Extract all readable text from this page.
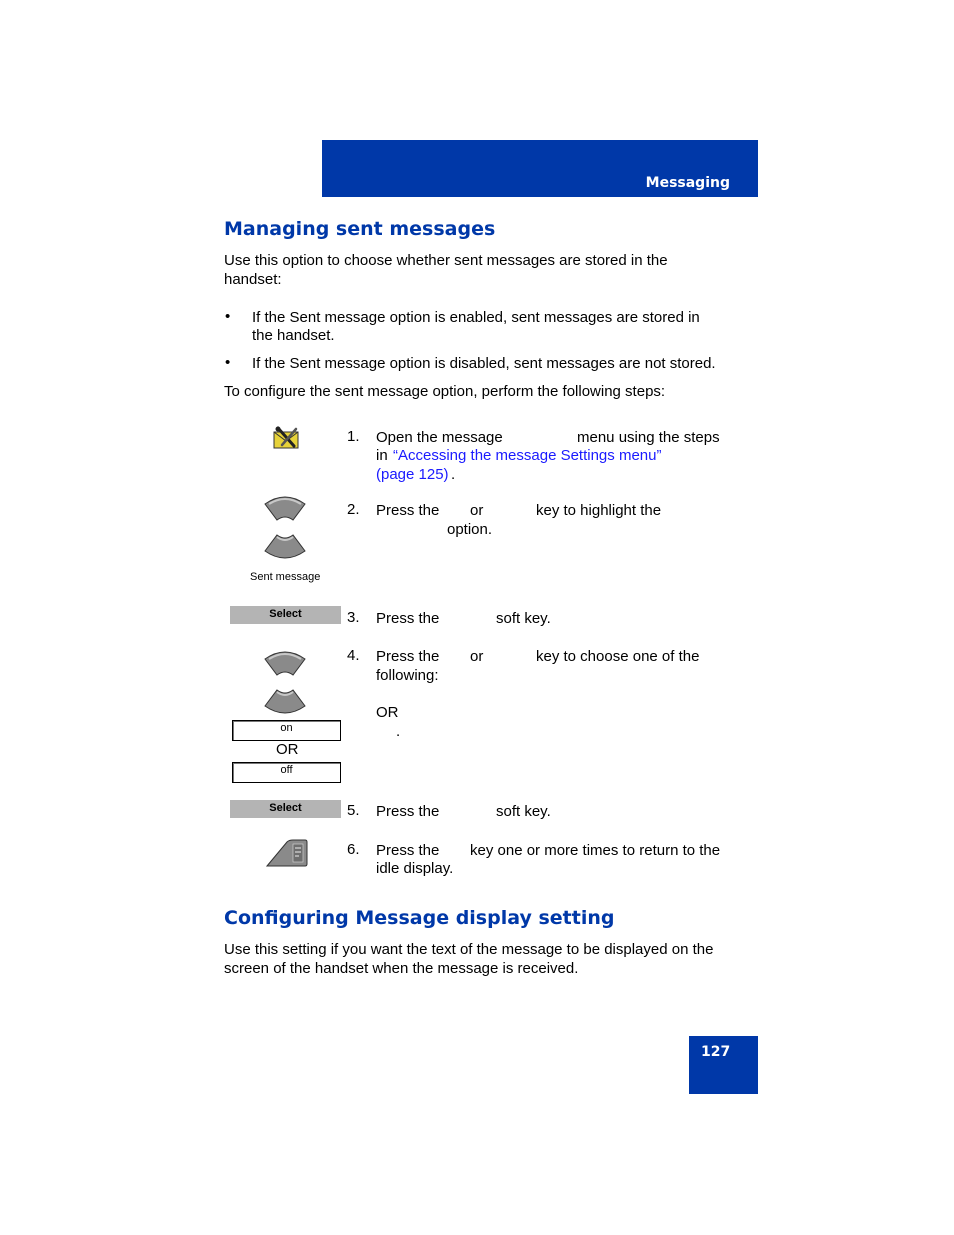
Messaging
Managing sent messages

Use this option to choose whether sent messages are stored in the

handset:

• If the Sent message option is enabled, sent messages are stored in

the handset.

• If the Sent message option is disabled, sent messages are not stored.

To configure the sent message option, perform the following steps:

1. Open the message	menu using the steps
in “Accessing the message Settings menu”
(page 125) .
Sent message
2. Press the or	key to highlight the
option.
Select	3. Press the	soft key.
on
OR
off
4. Press the or	key to choose one of the
following:
OR
.
Select	5. Press the	soft key.
6. Press the key one or more times to return to the
idle display.
Configuring Message display setting

Use this setting if you want the text of the message to be displayed on the

screen of the handset when the message is received.

127
